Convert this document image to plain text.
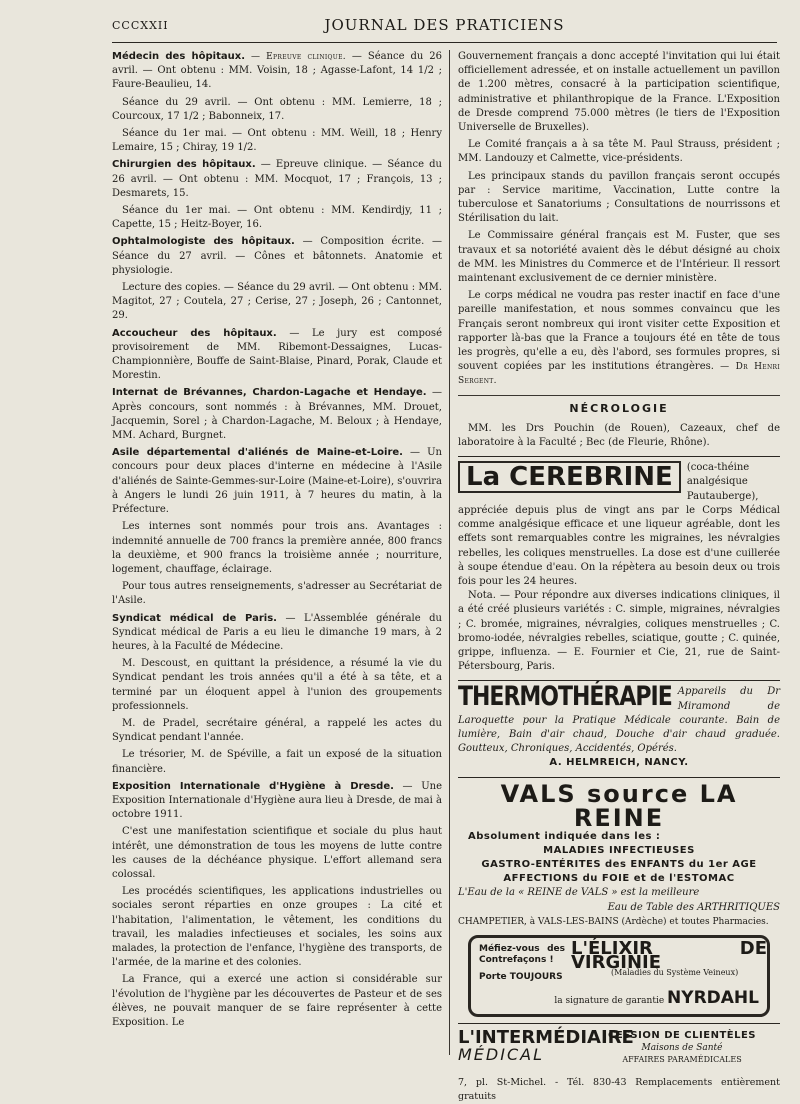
CCCXXII	JOURNAL DES PRATICIENS

Médecin des hôpitaux. — Epreuve clinique. — Séance du 26 avril. — Ont obtenu : MM. Voisin, 18 ; Agasse-Lafont, 14 1/2 ; Faure-Beaulieu, 14.

Séance du 29 avril. — Ont obtenu : MM. Lemierre, 18 ; Courcoux, 17 1/2 ; Babonneix, 17.

Séance du 1er mai. — Ont obtenu : MM. Weill, 18 ; Henry Lemaire, 15 ; Chiray, 19 1/2.

Chirurgien des hôpitaux. — Epreuve clinique. — Séance du 26 avril. — Ont obtenu : MM. Mocquot, 17 ; François, 13 ; Desmarets, 15.

Séance du 1er mai. — Ont obtenu : MM. Kendirdjy, 11 ; Capette, 15 ; Heitz-Boyer, 16.

Ophtalmologiste des hôpitaux. — Composition écrite. — Séance du 27 avril. — Cônes et bâtonnets. Anatomie et physiologie.

Lecture des copies. — Séance du 29 avril. — Ont obtenu : MM. Magitot, 27 ; Coutela, 27 ; Cerise, 27 ; Joseph, 26 ; Cantonnet, 29.

Accoucheur des hôpitaux. — Le jury est composé provisoirement de MM. Ribemont-Dessaignes, Lucas-Championnière, Bouffe de Saint-Blaise, Pinard, Porak, Claude et Morestin.

Internat de Brévannes, Chardon-Lagache et Hendaye. — Après concours, sont nommés : à Brévannes, MM. Drouet, Jacquemin, Sorel ; à Chardon-Lagache, M. Beloux ; à Hendaye, MM. Achard, Burgnet.

Asile départemental d'aliénés de Maine-et-Loire. — Un concours pour deux places d'interne en médecine à l'Asile d'aliénés de Sainte-Gemmes-sur-Loire (Maine-et-Loire), s'ouvrira à Angers le lundi 26 juin 1911, à 7 heures du matin, à la Préfecture.

Les internes sont nommés pour trois ans. Avantages : indemnité annuelle de 700 francs la première année, 800 francs la deuxième, et 900 francs la troisième année ; nourriture, logement, chauffage, éclairage.

Pour tous autres renseignements, s'adresser au Secrétariat de l'Asile.

Syndicat médical de Paris. — L'Assemblée générale du Syndicat médical de Paris a eu lieu le dimanche 19 mars, à 2 heures, à la Faculté de Médecine.

M. Descoust, en quittant la présidence, a résumé la vie du Syndicat pendant les trois années qu'il a été à sa tête, et a terminé par un éloquent appel à l'union des groupements professionnels.

M. de Pradel, secrétaire général, a rappelé les actes du Syndicat pendant l'année.

Le trésorier, M. de Spéville, a fait un exposé de la situation financière.

Exposition Internationale d'Hygiène à Dresde. — Une Exposition Internationale d'Hygiène aura lieu à Dresde, de mai à octobre 1911.

C'est une manifestation scientifique et sociale du plus haut intérêt, une démonstration de tous les moyens de lutte contre les causes de la déchéance physique. L'effort allemand sera colossal.

Les procédés scientifiques, les applications industrielles ou sociales seront réparties en onze groupes : La cité et l'habitation, l'alimentation, le vêtement, les conditions du travail, les maladies infectieuses et sociales, les soins aux malades, la protection de l'enfance, l'hygiène des transports, de l'armée, de la marine et des colonies.

La France, qui a exercé une action si considérable sur l'évolution de l'hygiène par les découvertes de Pasteur et de ses élèves, ne pouvait manquer de se faire représenter à cette Exposition. Le

Gouvernement français a donc accepté l'invitation qui lui était officiellement adressée, et on installe actuellement un pavillon de 1.200 mètres, consacré à la participation scientifique, administrative et philanthropique de la France. L'Exposition de Dresde comprend 75.000 mètres (le tiers de l'Exposition Universelle de Bruxelles).

Le Comité français a à sa tête M. Paul Strauss, président ; MM. Landouzy et Calmette, vice-présidents.

Les principaux stands du pavillon français seront occupés par : Service maritime, Vaccination, Lutte contre la tuberculose et Sanatoriums ; Consultations de nourrissons et Stérilisation du lait.

Le Commissaire général français est M. Fuster, que ses travaux et sa notoriété avaient dès le début désigné au choix de MM. les Ministres du Commerce et de l'Intérieur. Il ressort maintenant exclusivement de ce dernier ministère.

Le corps médical ne voudra pas rester inactif en face d'une pareille manifestation, et nous sommes convaincu que les Français seront nombreux qui iront visiter cette Exposition et rapporter là-bas que la France a toujours été en tête de tous les progrès, qu'elle a eu, dès l'abord, ses formules propres, si souvent copiées par les institutions étrangères. — Dr Henri Sergent.

NÉCROLOGIE

MM. les Drs Pouchin (de Rouen), Cazeaux, chef de laboratoire à la Faculté ; Bec (de Fleurie, Rhône).

La CEREBRINE	(coca-théine analgésique Pautauberge), appréciée depuis plus de vingt ans par le Corps Médical comme analgésique efficace et une liqueur agréable, dont les effets sont remarquables contre les migraines, les névralgies rebelles, les coliques menstruelles. La dose est d'une cuillerée à soupe étendue d'eau. On la répètera au besoin deux ou trois fois pour les 24 heures.
Nota. — Pour répondre aux diverses indications cliniques, il a été créé plusieurs variétés : C. simple, migraines, névralgies ; C. bromée, migraines, névralgies, coliques menstruelles ; C. bromo-iodée, névralgies rebelles, sciatique, goutte ; C. quinée, grippe, influenza. — E. Fournier et Cie, 21, rue de Saint-Pétersbourg, Paris.
THERMOTHÉRAPIE Appareils du Dr Miramond de Laroquette pour la Pratique Médicale courante. Bain de lumière, Bain d'air chaud, Douche d'air chaud graduée. Goutteux, Chroniques, Accidentés, Opérés.
A. HELMREICH, NANCY.
VALS source LA REINE
Absolument indiquée dans les :
MALADIES INFECTIEUSES
GASTRO-ENTÉRITES des ENFANTS du 1er AGE
AFFECTIONS du FOIE et de l'ESTOMAC
L'Eau de la « REINE de VALS » est la meilleure
Eau de Table des ARTHRITIQUES
CHAMPETIER, à VALS-LES-BAINS (Ardèche) et toutes Pharmacies.
Méfiez-vous des Contrefaçons !
Porte TOUJOURS
L'ÉLIXIR DE VIRGINIE
(Maladies du Système Veineux)
la signature de garantie NYRDAHL
L'INTERMÉDIAIRE
MÉDICAL
CESSION DE CLIENTÈLES
Maisons de Santé
AFFAIRES PARAMÉDICALES
7, pl. St-Michel. - Tél. 830-43 Remplacements entièrement gratuits
